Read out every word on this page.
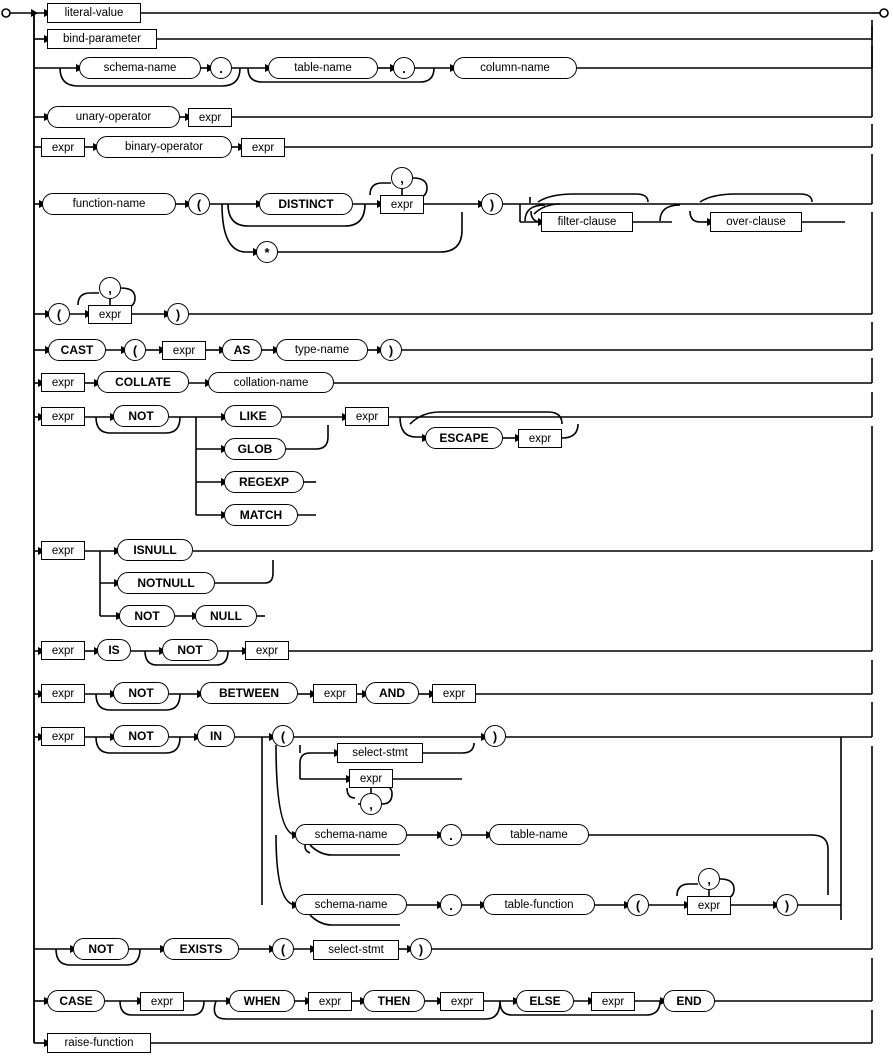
literal-value
bind-parameter
schema-name	.	table-name	.	column-name
unary-operator	expr
expr	binary-operator	expr
function-name	(	DISTINCT	expr
,
*
)
filter-clause	over-clause
(	expr
,
)
CAST	(	expr	AS	type-name	)
expr	COLLATE	collation-name
expr	NOT	LIKE
GLOB
REGEXP
MATCH
expr
ESCAPE	expr
expr	ISNULL
NOTNULL
NOT	NULL
expr	IS	NOT	expr
expr	NOT	BETWEEN	expr	AND	expr
expr	NOT	IN	(
select-stmt
expr
,
)
schema-name	.	table-name
schema-name	.	table-function	(	expr
,
)
NOT	EXISTS	(	select-stmt	)
CASE	expr	WHEN	expr	THEN	expr	ELSE	expr	END
raise-function
